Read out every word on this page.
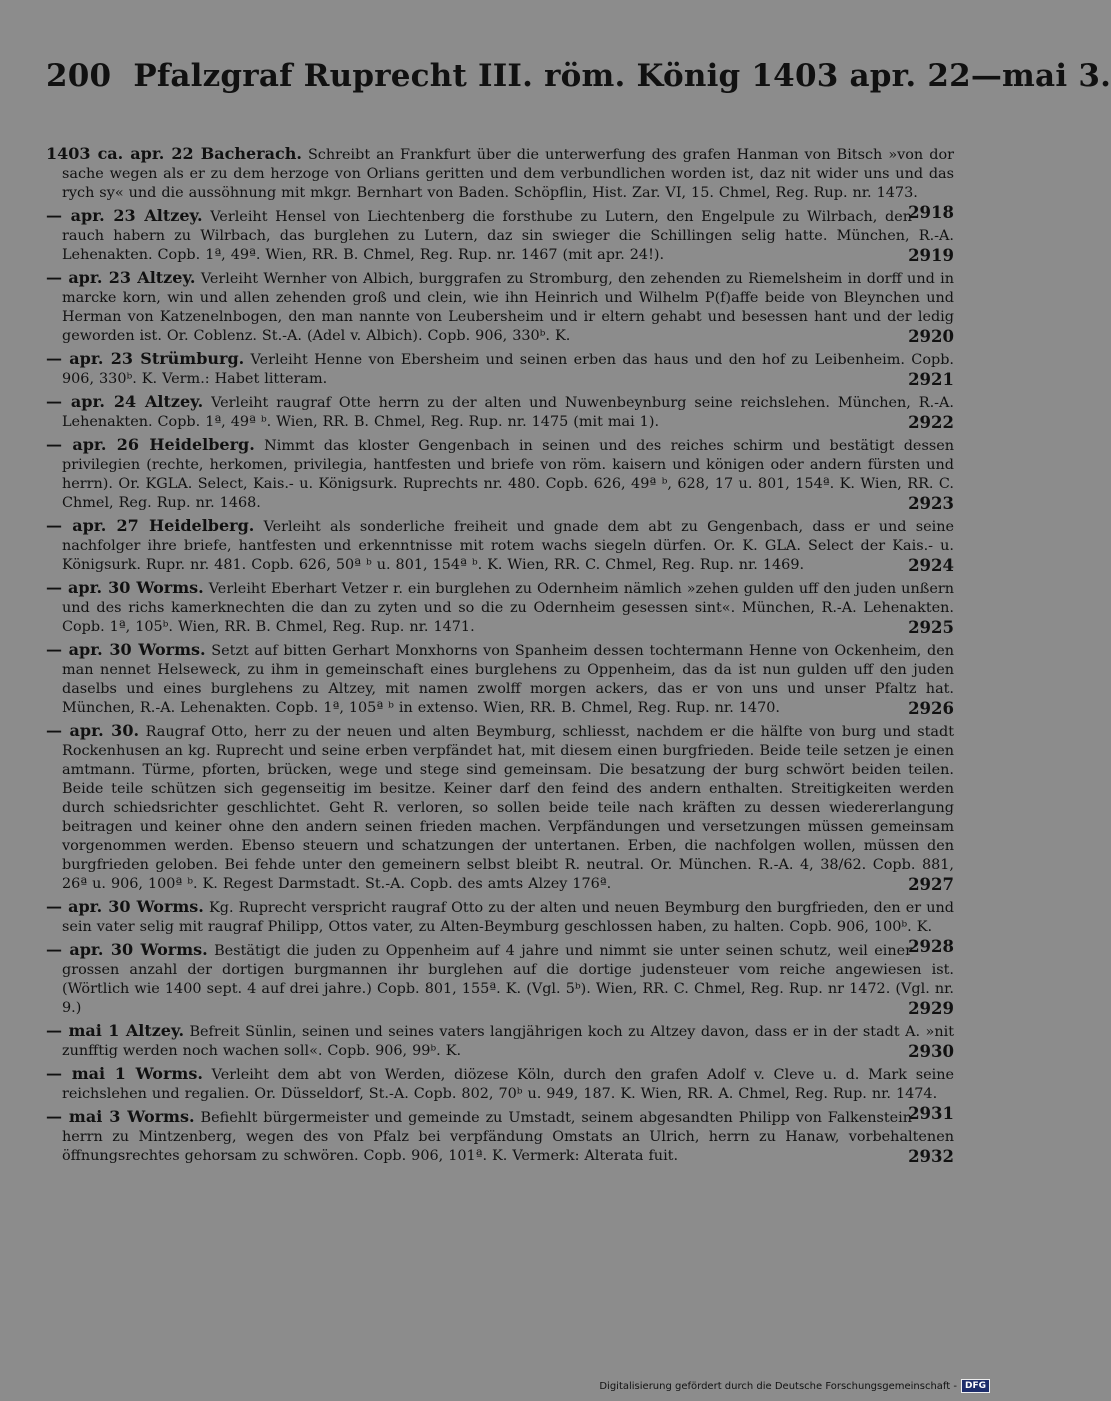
200 Pfalzgraf Ruprecht III. röm. König 1403 apr. 22—mai 3.

1403 ca. apr. 22 Bacherach. Schreibt an Frankfurt über die unterwerfung des grafen Hanman von Bitsch »von dor sache wegen als er zu dem herzoge von Orlians geritten und dem verbundlichen worden ist, daz nit wider uns und das rych sy« und die aussöhnung mit mkgr. Bernhart von Baden. Schöpflin, Hist. Zar. VI, 15. Chmel, Reg. Rup. nr. 1473.
2918

— apr. 23 Altzey. Verleiht Hensel von Liechtenberg die forsthube zu Lutern, den Engelpule zu Wilrbach, den rauch habern zu Wilrbach, das burglehen zu Lutern, daz sin swieger die Schillingen selig hatte. München, R.-A. Lehenakten. Copb. 1ª, 49ª. Wien, RR. B. Chmel, Reg. Rup. nr. 1467 (mit apr. 24!).	2919

— apr. 23 Altzey. Verleiht Wernher von Albich, burggrafen zu Stromburg, den zehenden zu Riemelsheim in dorff und in marcke korn, win und allen zehenden groß und clein, wie ihn Heinrich und Wilhelm P(f)affe beide von Bleynchen und Herman von Katzenelnbogen, den man nannte von Leubersheim und ir eltern gehabt und besessen hant und der ledig geworden ist. Or. Coblenz. St.-A. (Adel v. Albich). Copb. 906, 330ᵇ. K.	2920

— apr. 23 Strümburg. Verleiht Henne von Ebersheim und seinen erben das haus und den hof zu Leibenheim. Copb. 906, 330ᵇ. K. Verm.: Habet litteram.	2921

— apr. 24 Altzey. Verleiht raugraf Otte herrn zu der alten und Nuwenbeynburg seine reichslehen. München, R.-A. Lehenakten. Copb. 1ª, 49ª ᵇ. Wien, RR. B. Chmel, Reg. Rup. nr. 1475 (mit mai 1).	2922

— apr. 26 Heidelberg. Nimmt das kloster Gengenbach in seinen und des reiches schirm und bestätigt dessen privilegien (rechte, herkomen, privilegia, hantfesten und briefe von röm. kaisern und königen oder andern fürsten und herrn). Or. KGLA. Select, Kais.- u. Königsurk. Ruprechts nr. 480. Copb. 626, 49ª ᵇ, 628, 17 u. 801, 154ª. K. Wien, RR. C. Chmel, Reg. Rup. nr. 1468.	2923

— apr. 27 Heidelberg. Verleiht als sonderliche freiheit und gnade dem abt zu Gengenbach, dass er und seine nachfolger ihre briefe, hantfesten und erkenntnisse mit rotem wachs siegeln dürfen. Or. K. GLA. Select der Kais.- u. Königsurk. Rupr. nr. 481. Copb. 626, 50ª ᵇ u. 801, 154ª ᵇ. K. Wien, RR. C. Chmel, Reg. Rup. nr. 1469.	2924

— apr. 30 Worms. Verleiht Eberhart Vetzer r. ein burglehen zu Odernheim nämlich »zehen gulden uff den juden unßern und des richs kamerknechten die dan zu zyten und so die zu Odernheim gesessen sint«. München, R.-A. Lehenakten. Copb. 1ª, 105ᵇ. Wien, RR. B. Chmel, Reg. Rup. nr. 1471.	2925

— apr. 30 Worms. Setzt auf bitten Gerhart Monxhorns von Spanheim dessen tochtermann Henne von Ockenheim, den man nennet Helseweck, zu ihm in gemeinschaft eines burglehens zu Oppenheim, das da ist nun gulden uff den juden daselbs und eines burglehens zu Altzey, mit namen zwolff morgen ackers, das er von uns und unser Pfaltz hat. München, R.-A. Lehenakten. Copb. 1ª, 105ª ᵇ in extenso. Wien, RR. B. Chmel, Reg. Rup. nr. 1470.	2926

— apr. 30. Raugraf Otto, herr zu der neuen und alten Beymburg, schliesst, nachdem er die hälfte von burg und stadt Rockenhusen an kg. Ruprecht und seine erben verpfändet hat, mit diesem einen burgfrieden. Beide teile setzen je einen amtmann. Türme, pforten, brücken, wege und stege sind gemeinsam. Die besatzung der burg schwört beiden teilen. Beide teile schützen sich gegenseitig im besitze. Keiner darf den feind des andern enthalten. Streitigkeiten werden durch schiedsrichter geschlichtet. Geht R. verloren, so sollen beide teile nach kräften zu dessen wiedererlangung beitragen und keiner ohne den andern seinen frieden machen. Verpfändungen und versetzungen müssen gemeinsam vorgenommen werden. Ebenso steuern und schatzungen der untertanen. Erben, die nachfolgen wollen, müssen den burgfrieden geloben. Bei fehde unter den gemeinern selbst bleibt R. neutral. Or. München. R.-A. 4, 38/62. Copb. 881, 26ª u. 906, 100ª ᵇ. K. Regest Darmstadt. St.-A. Copb. des amts Alzey 176ª.	2927

— apr. 30 Worms. Kg. Ruprecht verspricht raugraf Otto zu der alten und neuen Beymburg den burgfrieden, den er und sein vater selig mit raugraf Philipp, Ottos vater, zu Alten-Beymburg geschlossen haben, zu halten. Copb. 906, 100ᵇ. K.
2928

— apr. 30 Worms. Bestätigt die juden zu Oppenheim auf 4 jahre und nimmt sie unter seinen schutz, weil einer grossen anzahl der dortigen burgmannen ihr burglehen auf die dortige judensteuer vom reiche angewiesen ist. (Wörtlich wie 1400 sept. 4 auf drei jahre.) Copb. 801, 155ª. K. (Vgl. 5ᵇ). Wien, RR. C. Chmel, Reg. Rup. nr 1472. (Vgl. nr. 9.)	2929

— mai 1 Altzey. Befreit Sünlin, seinen und seines vaters langjährigen koch zu Altzey davon, dass er in der stadt A. »nit zunfftig werden noch wachen soll«. Copb. 906, 99ᵇ. K.	2930

— mai 1 Worms. Verleiht dem abt von Werden, diözese Köln, durch den grafen Adolf v. Cleve u. d. Mark seine reichslehen und regalien. Or. Düsseldorf, St.-A. Copb. 802, 70ᵇ u. 949, 187. K. Wien, RR. A. Chmel, Reg. Rup. nr. 1474.
2931

— mai 3 Worms. Befiehlt bürgermeister und gemeinde zu Umstadt, seinem abgesandten Philipp von Falkenstein herrn zu Mintzenberg, wegen des von Pfalz bei verpfändung Omstats an Ulrich, herrn zu Hanaw, vorbehaltenen öffnungsrechtes gehorsam zu schwören. Copb. 906, 101ª. K. Vermerk: Alterata fuit.	2932

Digitalisierung gefördert durch die Deutsche Forschungsgemeinschaft - DFG
